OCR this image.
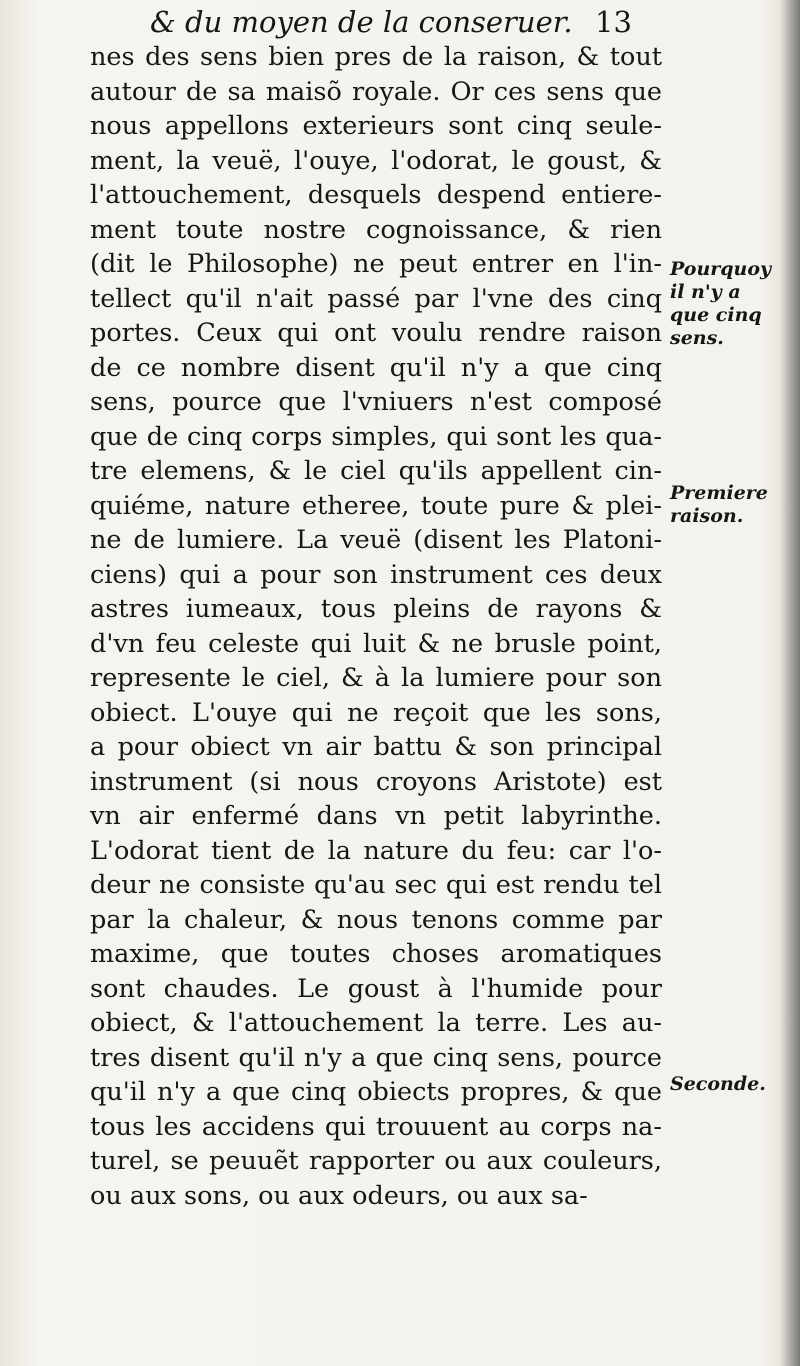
& du moyen de la conseruer. 13
nes des sens bien pres de la raison, & tout
autour de sa maisõ royale. Or ces sens que
nous appellons exterieurs sont cinq seule-
ment, la veuë, l'ouye, l'odorat, le goust, &
l'attouchement, desquels despend entiere-
ment toute nostre cognoissance, & rien
(dit le Philosophe) ne peut entrer en l'in-
tellect qu'il n'ait passé par l'vne des cinq
portes. Ceux qui ont voulu rendre raison
de ce nombre disent qu'il n'y a que cinq
sens, pource que l'vniuers n'est composé
que de cinq corps simples, qui sont les qua-
tre elemens, & le ciel qu'ils appellent cin-
quiéme, nature etheree, toute pure & plei-
ne de lumiere. La veuë (disent les Platoni-
ciens) qui a pour son instrument ces deux
astres iumeaux, tous pleins de rayons &
d'vn feu celeste qui luit & ne brusle point,
represente le ciel, & à la lumiere pour son
obiect. L'ouye qui ne reçoit que les sons,
a pour obiect vn air battu & son principal
instrument (si nous croyons Aristote) est
vn air enfermé dans vn petit labyrinthe.
L'odorat tient de la nature du feu: car l'o-
deur ne consiste qu'au sec qui est rendu tel
par la chaleur, & nous tenons comme par
maxime, que toutes choses aromatiques
sont chaudes. Le goust à l'humide pour
obiect, & l'attouchement la terre. Les au-
tres disent qu'il n'y a que cinq sens, pource
qu'il n'y a que cinq obiects propres, & que
tous les accidens qui trouuent au corps na-
turel, se peuuẽt rapporter ou aux couleurs,
ou aux sons, ou aux odeurs, ou aux sa-
Pourquoy
il n'y a
que cinq
sens.
Premiere
raison.
Seconde.
